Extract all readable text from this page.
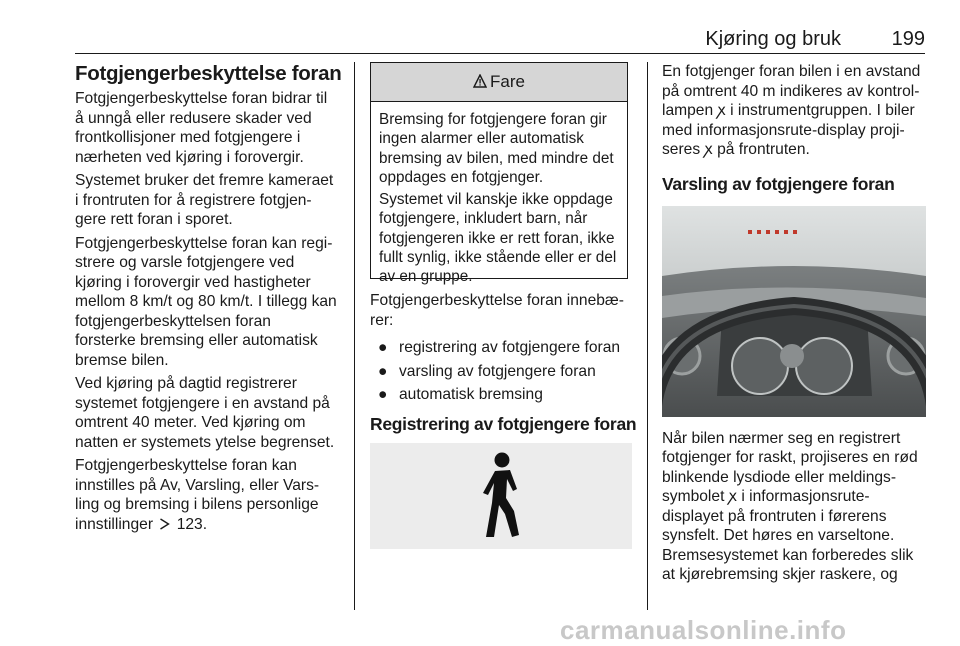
Kjøring og bruk	199
Fotgjengerbeskyttelse foran

Fotgjengerbeskyttelse foran bidrar til
å unngå eller redusere skader ved
frontkollisjoner med fotgjengere i
nærheten ved kjøring i forovergir.

Systemet bruker det fremre kameraet
i frontruten for å registrere fotgjen-
gere rett foran i sporet.

Fotgjengerbeskyttelse foran kan regi-
strere og varsle fotgjengere ved
kjøring i forovergir ved hastigheter
mellom 8 km/t og 80 km/t. I tillegg kan
fotgjengerbeskyttelsen foran
forsterke bremsing eller automatisk
bremse bilen.

Ved kjøring på dagtid registrerer
systemet fotgjengere i en avstand på
omtrent 40 meter. Ved kjøring om
natten er systemets ytelse begrenset.

Fotgjengerbeskyttelse foran kan
innstilles på Av, Varsling, eller Vars-
ling og bremsing i bilens personlige
innstillinger 123.

Fare

Bremsing for fotgjengere foran gir
ingen alarmer eller automatisk
bremsing av bilen, med mindre det
oppdages en fotgjenger.

Systemet vil kanskje ikke oppdage
fotgjengere, inkludert barn, når
fotgjengeren ikke er rett foran, ikke
fullt synlig, ikke stående eller er del
av en gruppe.

Fotgjengerbeskyttelse foran innebæ-
rer:

● registrering av fotgjengere foran
● varsling av fotgjengere foran
● automatisk bremsing
Registrering av fotgjengere foran

En fotgjenger foran bilen i en avstand
på omtrent 40 m indikeres av kontrol-
lampen ꭗ i instrumentgruppen. I biler
med informasjonsrute-display proji-
seres ꭗ på frontruten.

Varsling av fotgjengere foran

Når bilen nærmer seg en registrert
fotgjenger for raskt, projiseres en rød
blinkende lysdiode eller meldings-
symbolet ꭗ i informasjonsrute-
displayet på frontruten i førerens
synsfelt. Det høres en varseltone.
Bremsesystemet kan forberedes slik
at kjørebremsing skjer raskere, og

carmanualsonline.info
